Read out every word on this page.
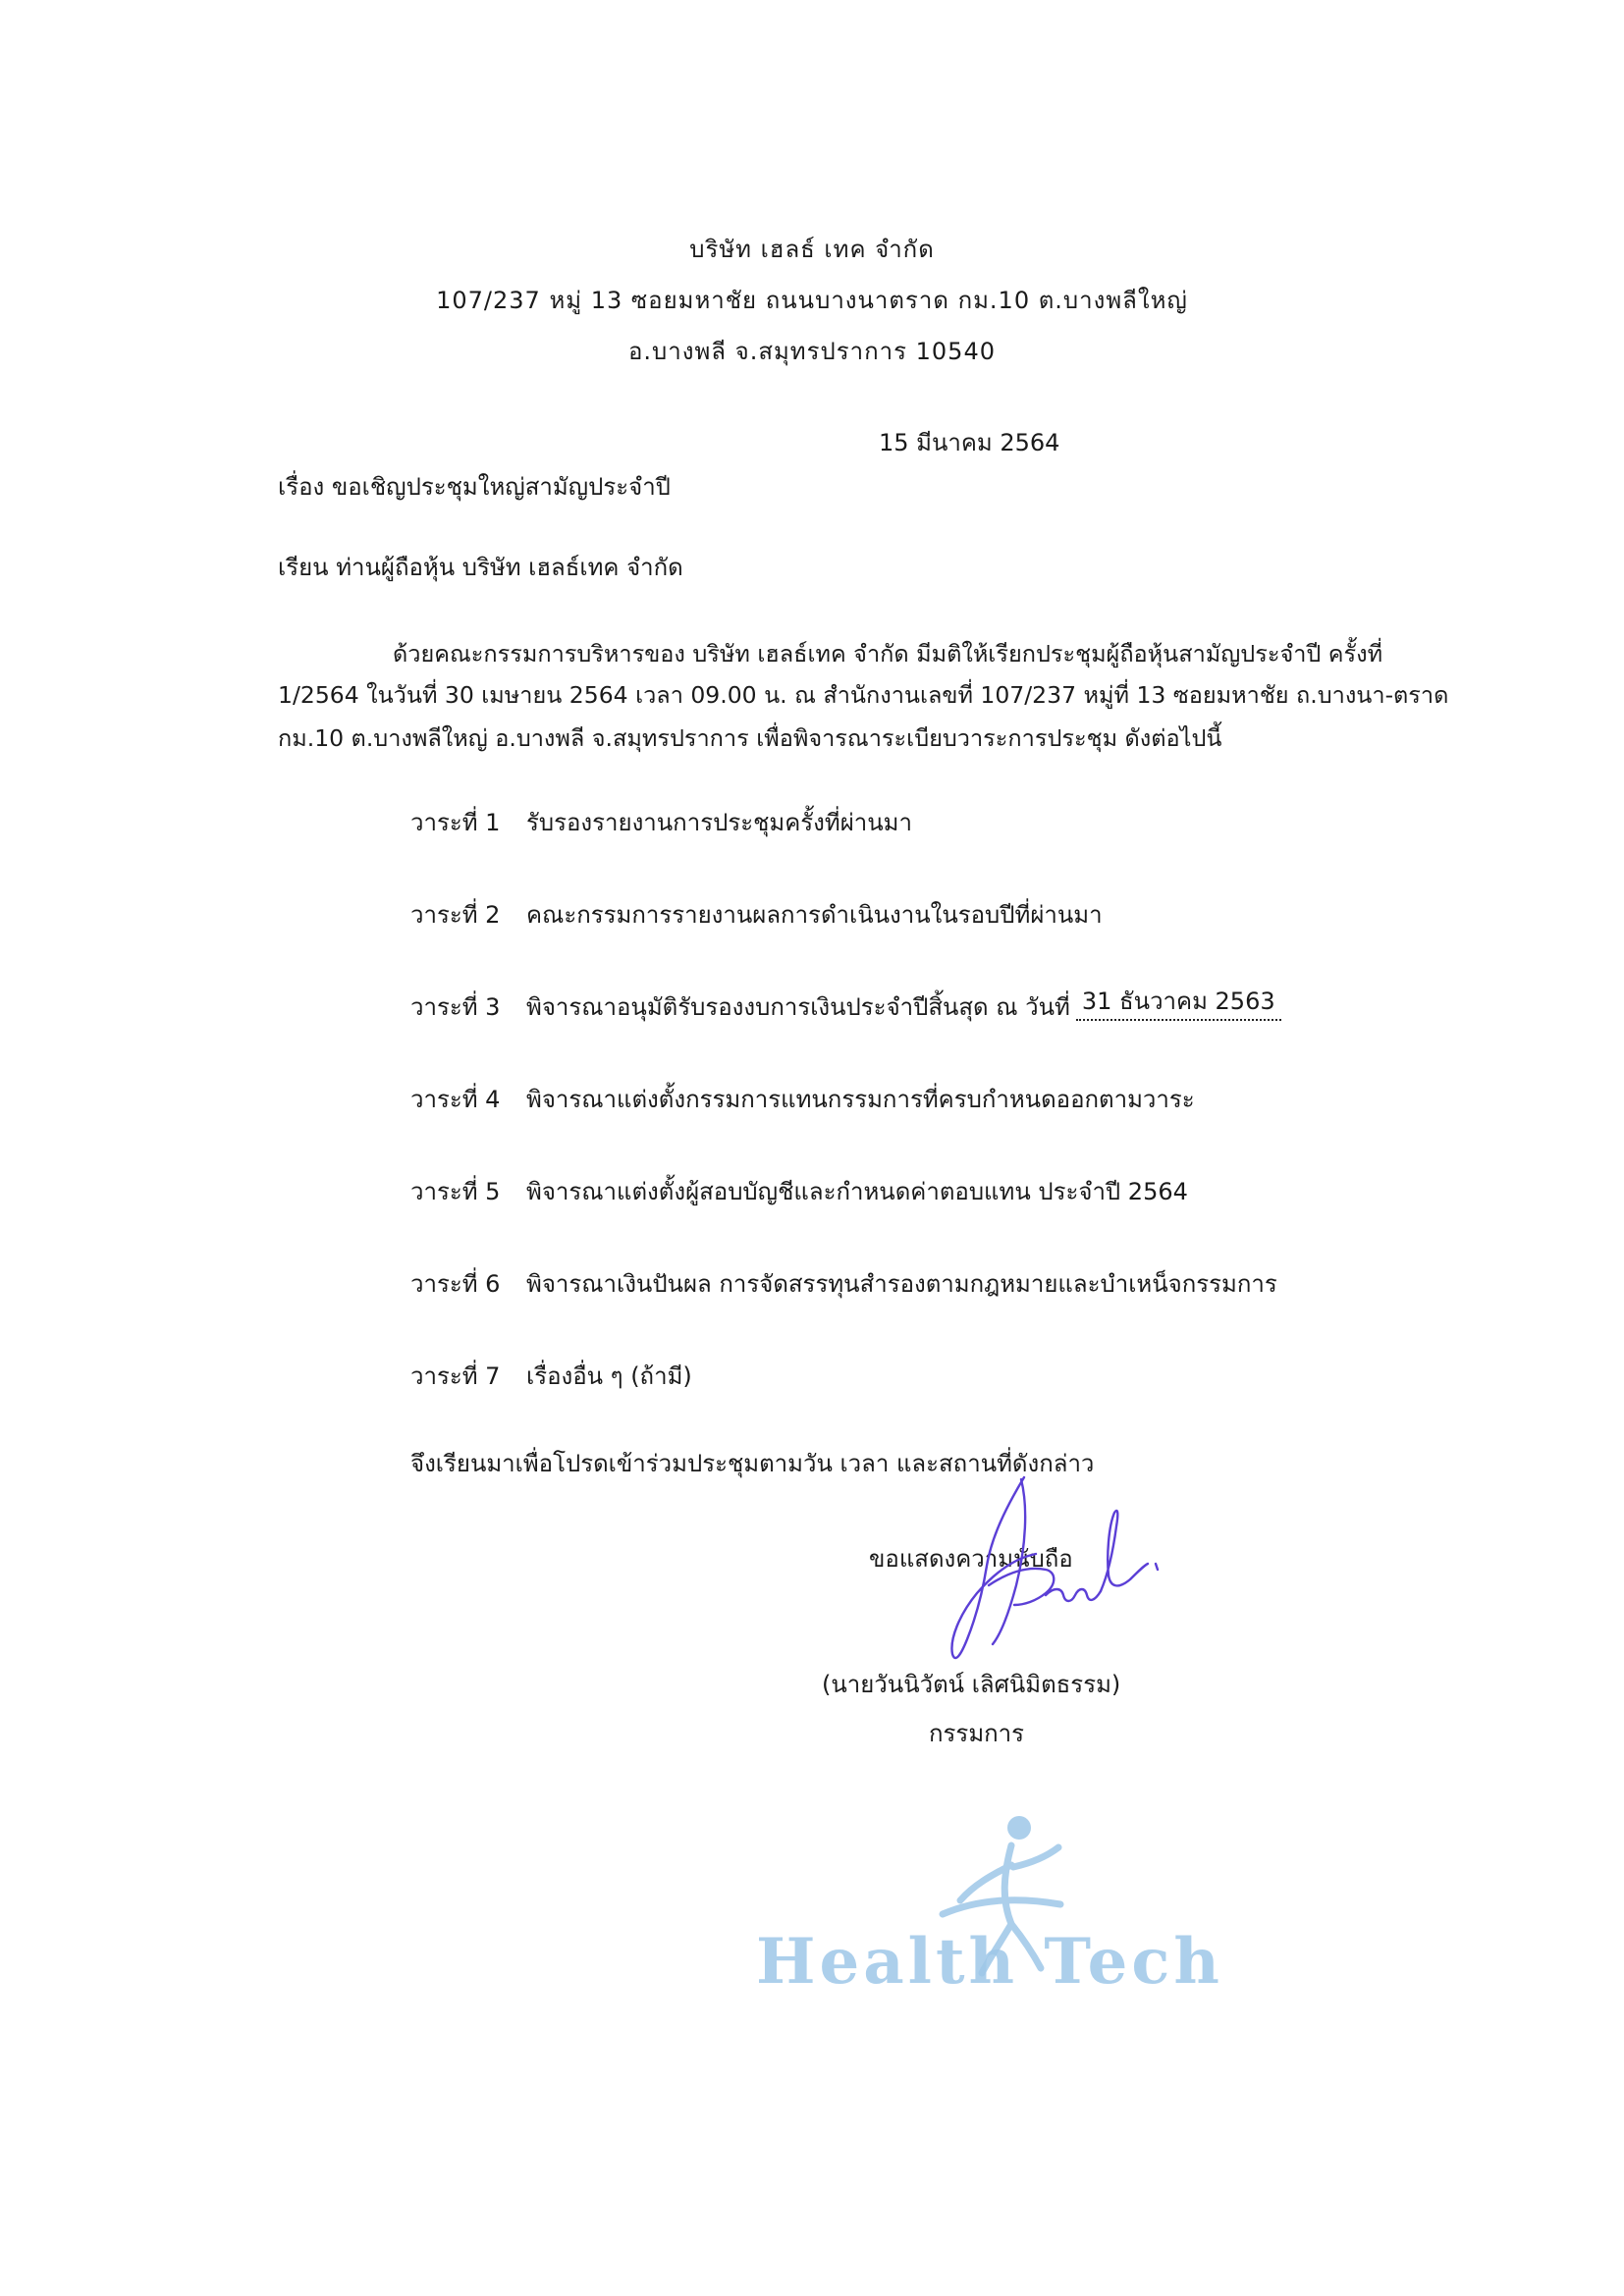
บริษัท เฮลธ์ เทค จำกัด
107/237 หมู่ 13 ซอยมหาชัย ถนนบางนาตราด กม.10 ต.บางพลีใหญ่
อ.บางพลี จ.สมุทรปราการ 10540
15 มีนาคม 2564
เรื่อง ขอเชิญประชุมใหญ่สามัญประจำปี
เรียน ท่านผู้ถือหุ้น บริษัท เฮลธ์เทค จำกัด
ด้วยคณะกรรมการบริหารของ บริษัท เฮลธ์เทค จำกัด มีมติให้เรียกประชุมผู้ถือหุ้นสามัญประจำปี ครั้งที่
1/2564 ในวันที่ 30 เมษายน 2564 เวลา 09.00 น. ณ สำนักงานเลขที่ 107/237 หมู่ที่ 13 ซอยมหาชัย ถ.บางนา-ตราด
กม.10 ต.บางพลีใหญ่ อ.บางพลี จ.สมุทรปราการ เพื่อพิจารณาระเบียบวาระการประชุม ดังต่อไปนี้
วาระที่ 1 รับรองรายงานการประชุมครั้งที่ผ่านมา
วาระที่ 2 คณะกรรมการรายงานผลการดำเนินงานในรอบปีที่ผ่านมา
วาระที่ 3 พิจารณาอนุมัติรับรองงบการเงินประจำปีสิ้นสุด ณ วันที่ 31 ธันวาคม 2563
วาระที่ 4 พิจารณาแต่งตั้งกรรมการแทนกรรมการที่ครบกำหนดออกตามวาระ
วาระที่ 5 พิจารณาแต่งตั้งผู้สอบบัญชีและกำหนดค่าตอบแทน ประจำปี 2564
วาระที่ 6 พิจารณาเงินปันผล การจัดสรรทุนสำรองตามกฎหมายและบำเหน็จกรรมการ
วาระที่ 7 เรื่องอื่น ๆ (ถ้ามี)
จึงเรียนมาเพื่อโปรดเข้าร่วมประชุมตามวัน เวลา และสถานที่ดังกล่าว
ขอแสดงความนับถือ
(นายวันนิวัตน์ เลิศนิมิตธรรม)
กรรมการ
Health Tech
